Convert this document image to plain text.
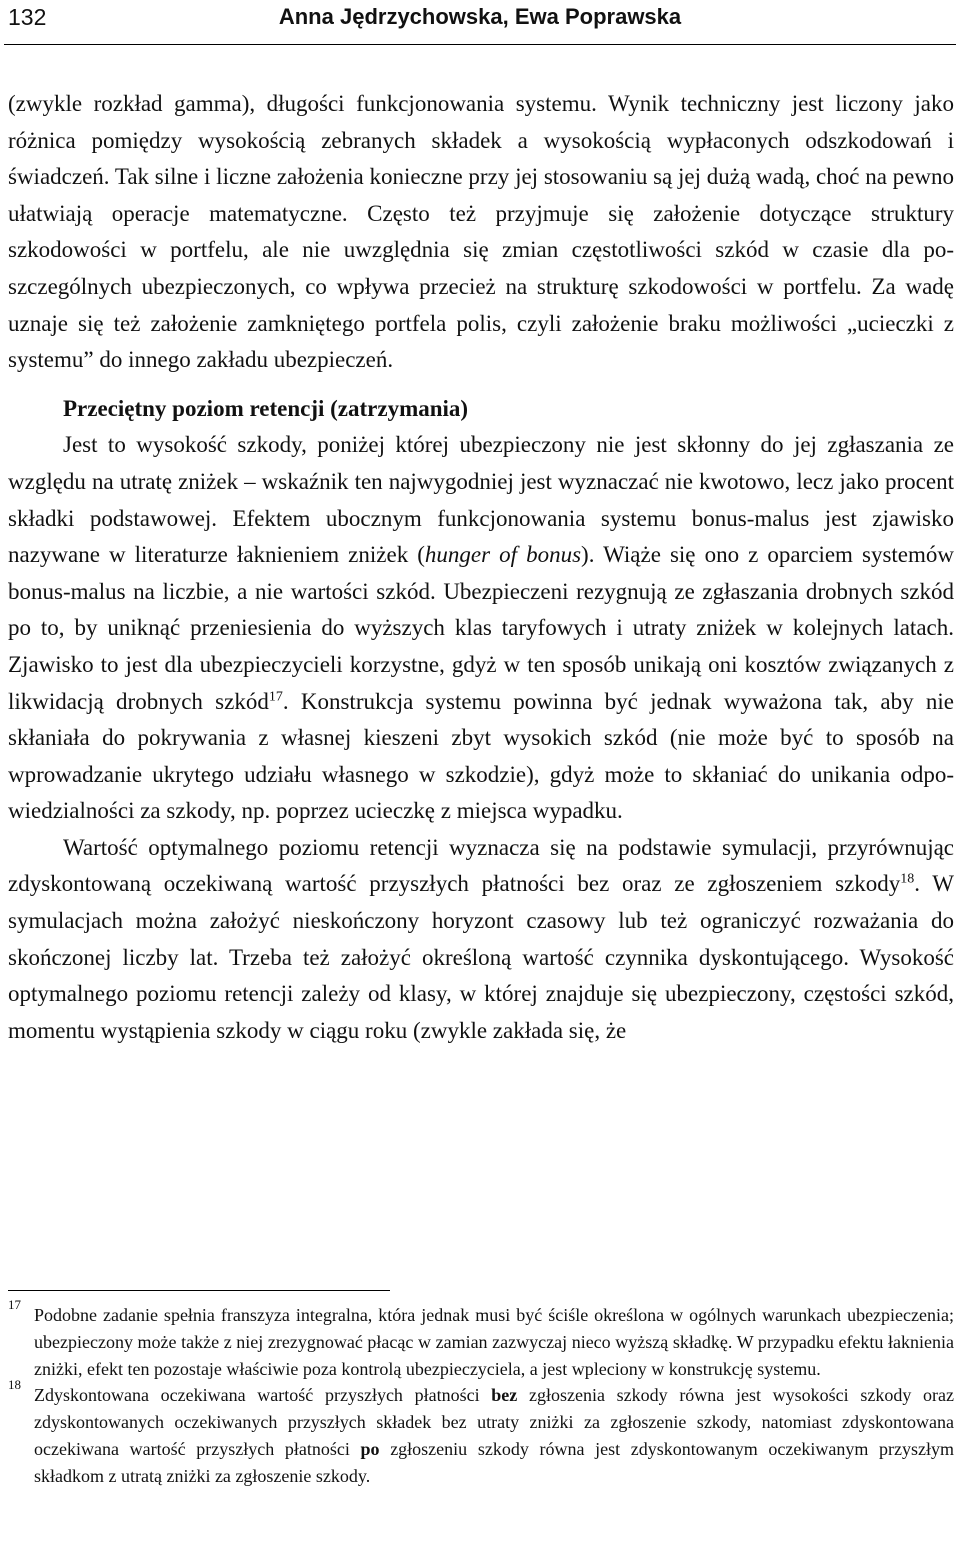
132	Anna Jędrzychowska, Ewa Poprawska

(zwykle rozkład gamma), długości funkcjonowania systemu. Wynik techniczny jest liczony jako różnica pomiędzy wysokością zebranych składek a wysokością wypłaconych odszkodowań i świadczeń. Tak silne i liczne założenia konieczne przy jej stosowaniu są jej dużą wadą, choć na pewno ułatwiają operacje matematyczne. Często też przyjmuje się założenie dotyczące struktury szkodowości w portfelu, ale nie uwzględnia się zmian częstotliwości szkód w czasie dla poszczególnych ubezpieczonych, co wpływa przecież na strukturę szkodowości w portfelu. Za wadę uznaje się też założenie zamkniętego portfela polis, czyli założenie braku możliwości „ucieczki z systemu” do innego zakładu ubezpieczeń.

Przeciętny poziom retencji (zatrzymania)

Jest to wysokość szkody, poniżej której ubezpieczony nie jest skłonny do jej zgłaszania ze względu na utratę zniżek – wskaźnik ten najwygodniej jest wyznaczać nie kwotowo, lecz jako procent składki podstawowej. Efektem ubocznym funkcjonowania systemu bonus-malus jest zjawisko nazywane w literaturze łaknieniem zniżek (hunger of bonus). Wiąże się ono z oparciem systemów bonus-malus na liczbie, a nie wartości szkód. Ubezpieczeni rezygnują ze zgłaszania drobnych szkód po to, by uniknąć przeniesienia do wyższych klas taryfowych i utraty zniżek w kolejnych latach. Zjawisko to jest dla ubezpieczycieli korzystne, gdyż w ten sposób unikają oni kosztów związanych z likwidacją drobnych szkód$^{17}$. Konstrukcja systemu powinna być jednak wyważona tak, aby nie skłaniała do pokrywania z własnej kieszeni zbyt wysokich szkód (nie może być to sposób na wprowadzanie ukrytego udziału własnego w szkodzie), gdyż może to skłaniać do unikania odpowiedzialności za szkody, np. poprzez ucieczkę z miejsca wypadku.

Wartość optymalnego poziomu retencji wyznacza się na podstawie symulacji, przyrównując zdyskontowaną oczekiwaną wartość przyszłych płatności bez oraz ze zgłoszeniem szkody$^{18}$. W symulacjach można założyć nieskończony horyzont czasowy lub też ograniczyć rozważania do skończonej liczby lat. Trzeba też założyć określoną wartość czynnika dyskontującego. Wysokość optymalnego poziomu retencji zależy od klasy, w której znajduje się ubezpieczony, częstości szkód, momentu wystąpienia szkody w ciągu roku (zwykle zakłada się, że

17
Podobne zadanie spełnia franszyza integralna, która jednak musi być ściśle określona w ogólnych warunkach ubezpieczenia; ubezpieczony może także z niej zrezygnować płacąc w zamian zazwyczaj nieco wyższą składkę. W przypadku efektu łaknienia zniżki, efekt ten pozostaje właściwie poza kontrolą ubezpieczyciela, a jest wpleciony w konstrukcję systemu.

18
Zdyskontowana oczekiwana wartość przyszłych płatności bez zgłoszenia szkody równa jest wysokości szkody oraz zdyskontowanych oczekiwanych przyszłych składek bez utraty zniżki za zgłoszenie szkody, natomiast zdyskontowana oczekiwana wartość przyszłych płatności po zgłoszeniu szkody równa jest zdyskontowanym oczekiwanym przyszłym składkom z utratą zniżki za zgłoszenie szkody.
